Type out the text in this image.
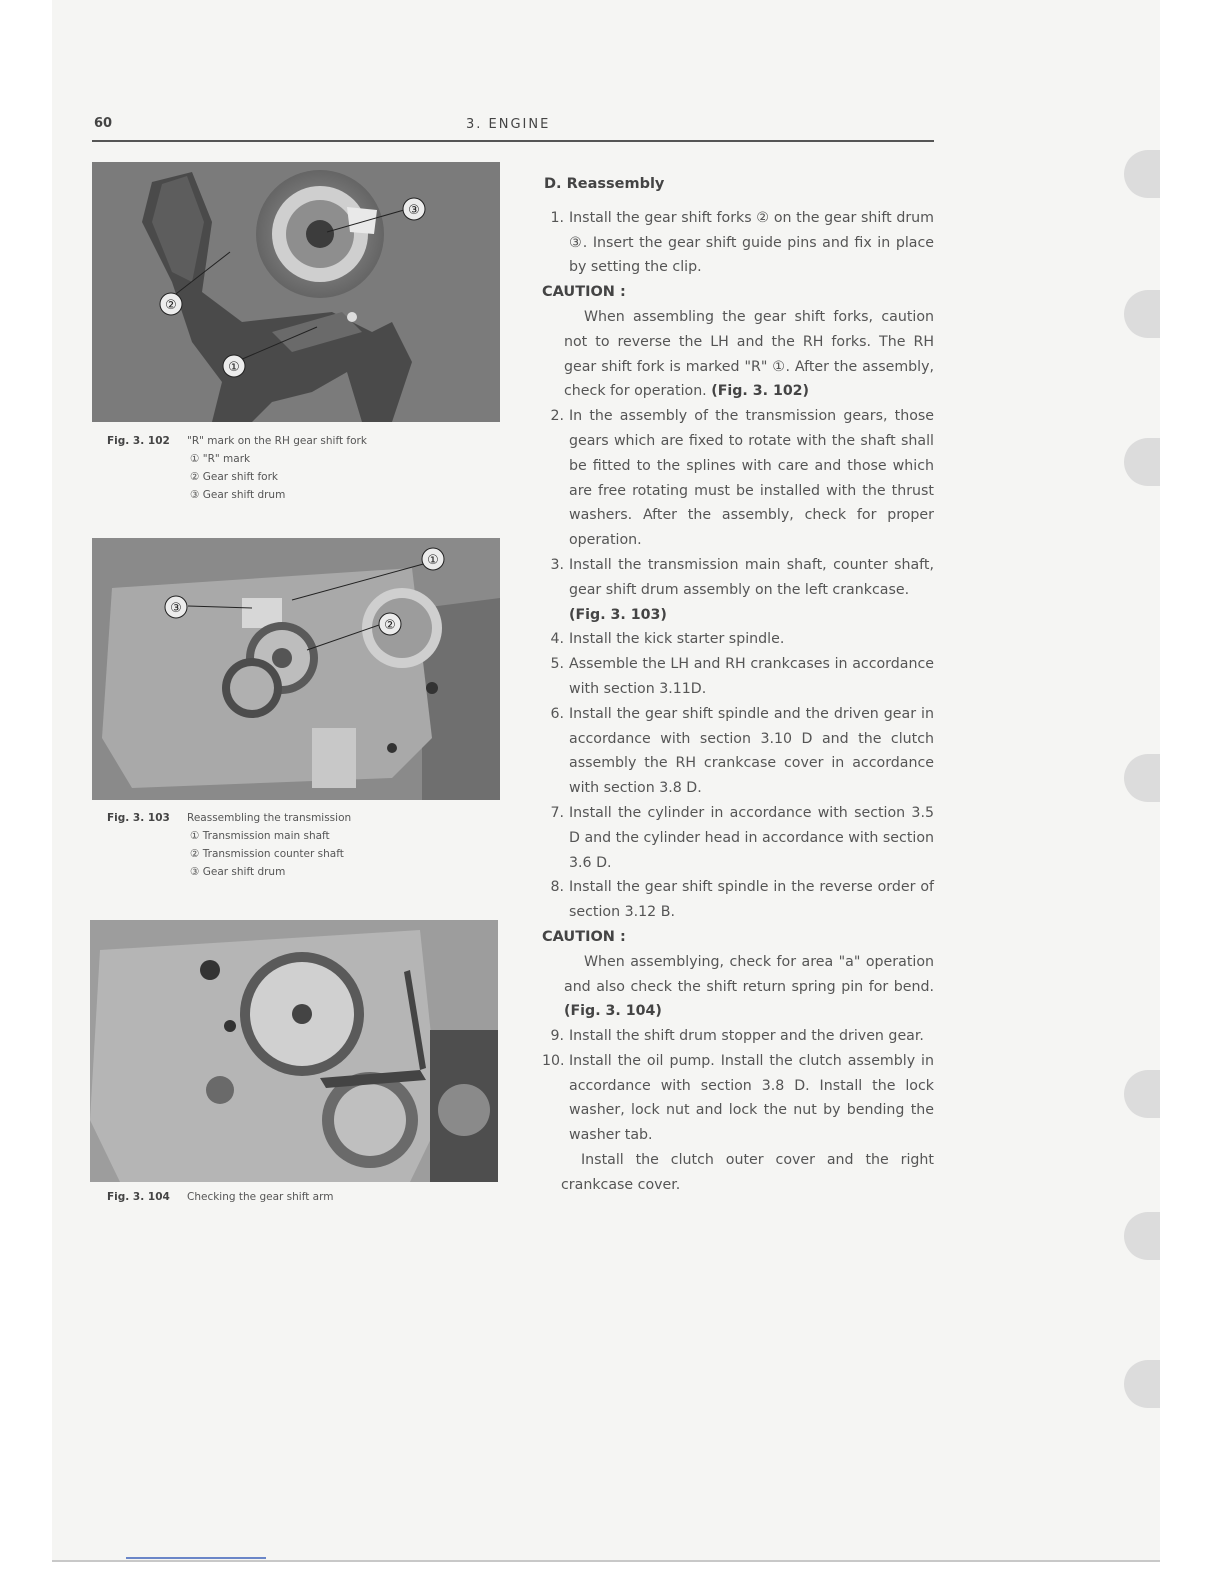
60	3. ENGINE
③
②
①
Fig. 3. 102 "R" mark on the RH gear shift fork
① "R" mark
② Gear shift fork
③ Gear shift drum
①
②
③
Fig. 3. 103 Reassembling the transmission
① Transmission main shaft
② Transmission counter shaft
③ Gear shift drum
Fig. 3. 104 Checking the gear shift arm
D. Reassembly
1. Install the gear shift forks ② on the gear shift drum ③. Insert the gear shift guide pins and fix in place by setting the clip.
CAUTION :
When assembling the gear shift forks, caution not to reverse the LH and the RH forks. The RH gear shift fork is marked "R" ①. After the assembly, check for operation. (Fig. 3. 102)
2. In the assembly of the transmission gears, those gears which are fixed to rotate with the shaft shall be fitted to the splines with care and those which are free rotating must be installed with the thrust washers. After the assembly, check for proper operation.
3. Install the transmission main shaft, counter shaft, gear shift drum assembly on the left crankcase.
(Fig. 3. 103)
4. Install the kick starter spindle.
5. Assemble the LH and RH crankcases in accordance with section 3.11D.
6. Install the gear shift spindle and the driven gear in accordance with section 3.10 D and the clutch assembly the RH crankcase cover in accordance with section 3.8 D.
7. Install the cylinder in accordance with section 3.5 D and the cylinder head in accordance with section 3.6 D.
8. Install the gear shift spindle in the reverse order of section 3.12 B.
CAUTION :
When assemblying, check for area "a" operation and also check the shift return spring pin for bend. (Fig. 3. 104)
9. Install the shift drum stopper and the driven gear.
10. Install the oil pump. Install the clutch assembly in accordance with section 3.8 D. Install the lock washer, lock nut and lock the nut by bending the washer tab.
Install the clutch outer cover and the right crankcase cover.
